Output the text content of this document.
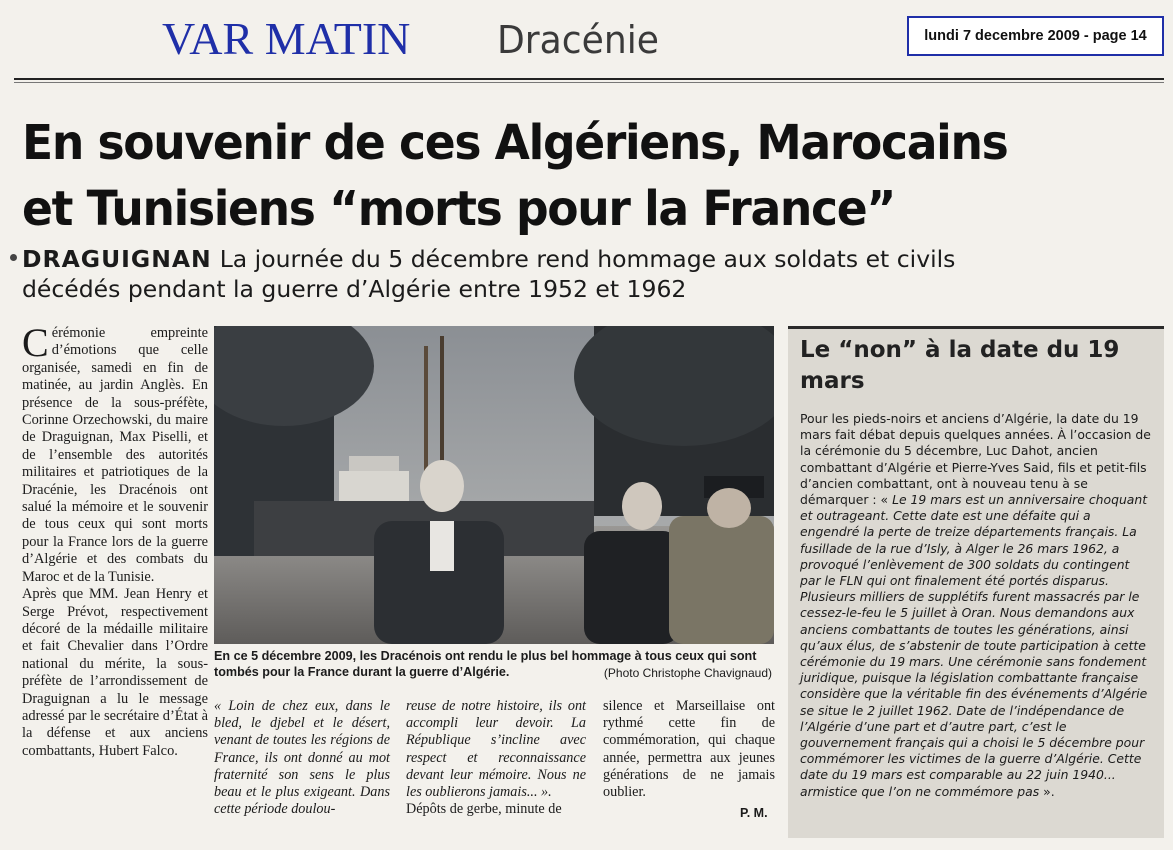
VAR MATIN Dracénie	lundi 7 decembre 2009 - page 14
En souvenir de ces Algériens, Marocains
et Tunisiens “morts pour la France”
DRAGUIGNAN La journée du 5 décembre rend hommage aux soldats et civils
décédés pendant la guerre d’Algérie entre 1952 et 1962

Cérémonie empreinte d’émotions que celle organisée, samedi en fin de matinée, au jardin Anglès. En présence de la sous-préfète, Corinne Orzechowski, du maire de Draguignan, Max Piselli, et de l’ensemble des autorités militaires et patriotiques de la Dracénie, les Dracénois ont salué la mémoire et le souvenir de tous ceux qui sont morts pour la France lors de la guerre d’Algérie et des combats du Maroc et de la Tunisie.

Après que MM. Jean Henry et Serge Prévot, respectivement décoré de la médaille militaire et fait Chevalier dans l’Ordre national du mérite, la sous-préfète de l’arrondissement de Draguignan a lu le message adressé par le secrétaire d’État à la défense et aux anciens combattants, Hubert Falco.

En ce 5 décembre 2009, les Dracénois ont rendu le plus bel hommage à tous ceux qui sont tombés pour la France durant la guerre d’Algérie.	(Photo Christophe Chavignaud)
« Loin de chez eux, dans le bled, le djebel et le désert, venant de toutes les régions de France, ils ont donné au mot fraternité son sens le plus beau et le plus exigeant. Dans cette période doulou-
reuse de notre histoire, ils ont accompli leur devoir. La République s’incline avec respect et reconnaissance devant leur mémoire. Nous ne les oublierons jamais... ».
Dépôts de gerbe, minute de
silence et Marseillaise ont rythmé cette fin de commémoration, qui chaque année, permettra aux jeunes générations de ne jamais oublier.
P. M.
Le “non” à la date du 19 mars
Pour les pieds-noirs et anciens d’Algérie, la date du 19 mars fait débat depuis quelques années. À l’occasion de la cérémonie du 5 décembre, Luc Dahot, ancien combattant d’Algérie et Pierre-Yves Said, fils et petit-fils d’ancien combattant, ont à nouveau tenu à se démarquer : « Le 19 mars est un anniversaire choquant et outrageant. Cette date est une défaite qui a engendré la perte de treize départements français. La fusillade de la rue d’Isly, à Alger le 26 mars 1962, a provoqué l’enlèvement de 300 soldats du contingent par le FLN qui ont finalement été portés disparus. Plusieurs milliers de supplétifs furent massacrés par le cessez-le-feu le 5 juillet à Oran. Nous demandons aux anciens combattants de toutes les générations, ainsi qu’aux élus, de s’abstenir de toute participation à cette cérémonie du 19 mars. Une cérémonie sans fondement juridique, puisque la législation combattante française considère que la véritable fin des événements d’Algérie se situe le 2 juillet 1962. Date de l’indépendance de l’Algérie d’une part et d’autre part, c’est le gouvernement français qui a choisi le 5 décembre pour commémorer les victimes de la guerre d’Algérie. Cette date du 19 mars est comparable au 22 juin 1940... armistice que l’on ne commémore pas ».
